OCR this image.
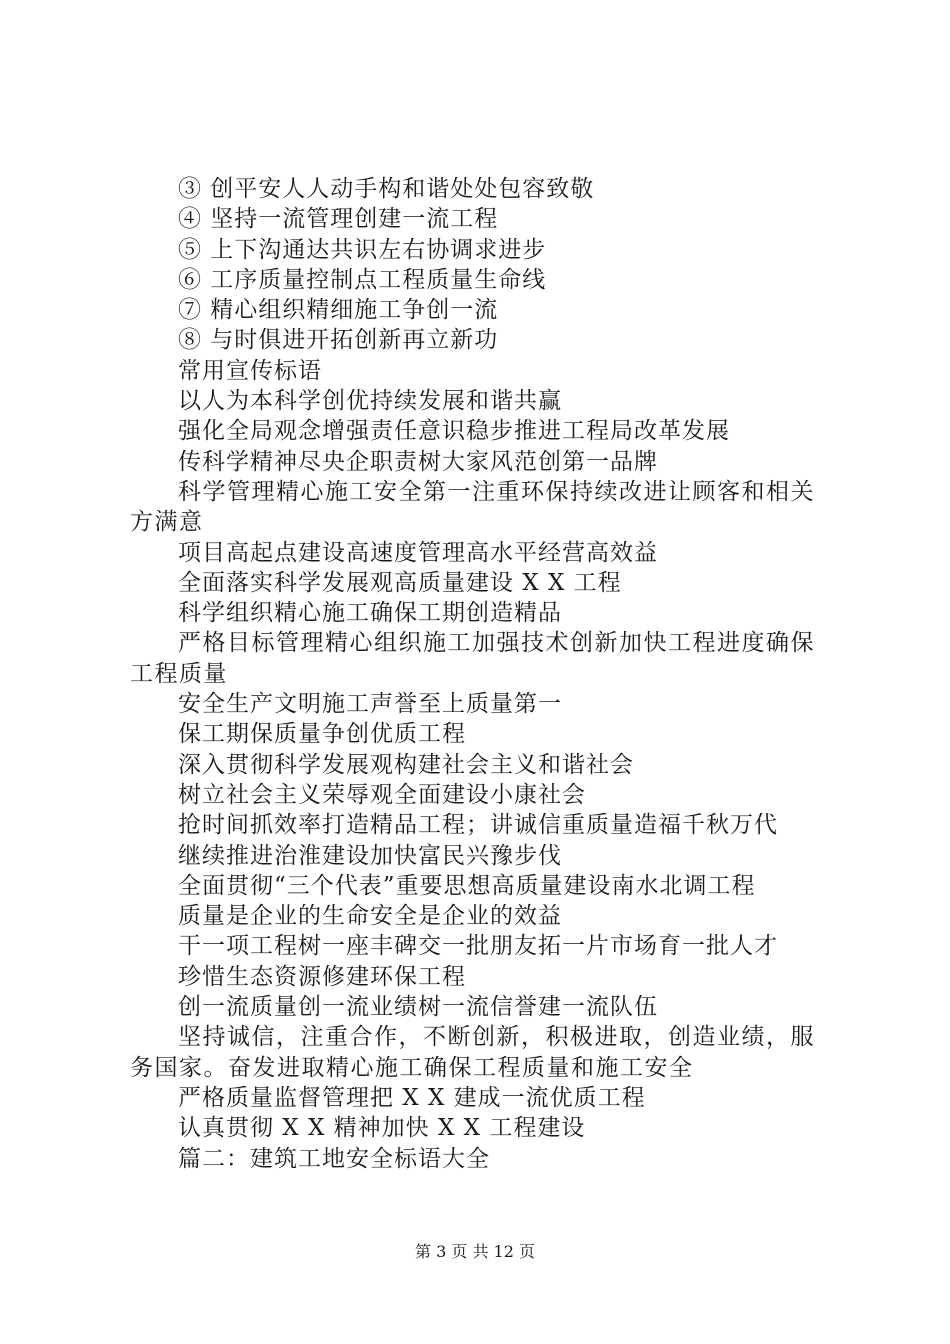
③ 创平安人人动手构和谐处处包容致敬
④ 坚持一流管理创建一流工程
⑤ 上下沟通达共识左右协调求进步
⑥ 工序质量控制点工程质量生命线
⑦ 精心组织精细施工争创一流
⑧ 与时俱进开拓创新再立新功
常用宣传标语
以人为本科学创优持续发展和谐共赢
强化全局观念增强责任意识稳步推进工程局改革发展
传科学精神尽央企职责树大家风范创第一品牌
科学管理精心施工安全第一注重环保持续改进让顾客和相关方满意
项目高起点建设高速度管理高水平经营高效益
全面落实科学发展观高质量建设 X X 工程
科学组织精心施工确保工期创造精品
严格目标管理精心组织施工加强技术创新加快工程进度确保工程质量
安全生产文明施工声誉至上质量第一
保工期保质量争创优质工程
深入贯彻科学发展观构建社会主义和谐社会
树立社会主义荣辱观全面建设小康社会
抢时间抓效率打造精品工程；讲诚信重质量造福千秋万代
继续推进治淮建设加快富民兴豫步伐
全面贯彻“三个代表”重要思想高质量建设南水北调工程
质量是企业的生命安全是企业的效益
干一项工程树一座丰碑交一批朋友拓一片市场育一批人才
珍惜生态资源修建环保工程
创一流质量创一流业绩树一流信誉建一流队伍
坚持诚信，注重合作，不断创新，积极进取，创造业绩，服务国家。奋发进取精心施工确保工程质量和施工安全
严格质量监督管理把 X X 建成一流优质工程
认真贯彻 X X 精神加快 X X 工程建设
篇二：建筑工地安全标语大全
第 3 页 共 12 页
